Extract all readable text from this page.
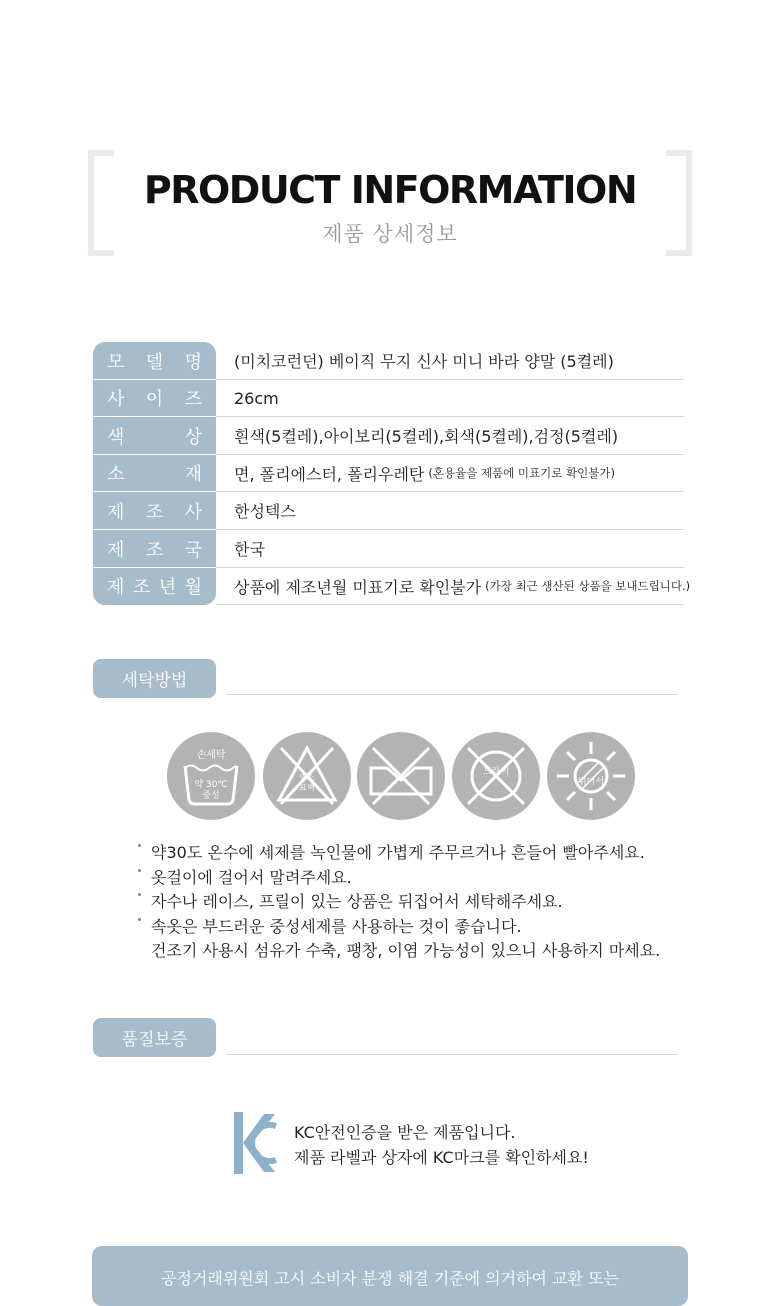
PRODUCT INFORMATION
제품 상세정보
모 델 명 (미치코런던) 베이직 무지 신사 미니 바라 양말 (5켤레)
사 이 즈 26cm
색	상 흰색(5켤레),아이보리(5켤레),회색(5켤레),검정(5켤레)
소	재 면, 폴리에스터, 폴리우레탄 (혼용율을 제품에 미표기로 확인불가)
제 조 사 한성텍스
제 조 국 한국
제 조 년 월 상품에 제조년월 미표기로 확인불가 (가장 최근 생산된 상품을 보내드립니다.)
세탁방법
손세탁
약 30℃
중성
염소
표백
드라이
뉘어서
약30도 온수에 세제를 녹인물에 가볍게 주무르거나 흔들어 빨아주세요.
옷걸이에 걸어서 말려주세요.
자수나 레이스, 프릴이 있는 상품은 뒤집어서 세탁해주세요.
속옷은 부드러운 중성세제를 사용하는 것이 좋습니다.
건조기 사용시 섬유가 수축, 팽창, 이염 가능성이 있으니 사용하지 마세요.
품질보증
KC안전인증을 받은 제품입니다.
제품 라벨과 상자에 KC마크를 확인하세요!
공정거래위원회 고시 소비자 분쟁 해결 기준에 의거하여 교환 또는
